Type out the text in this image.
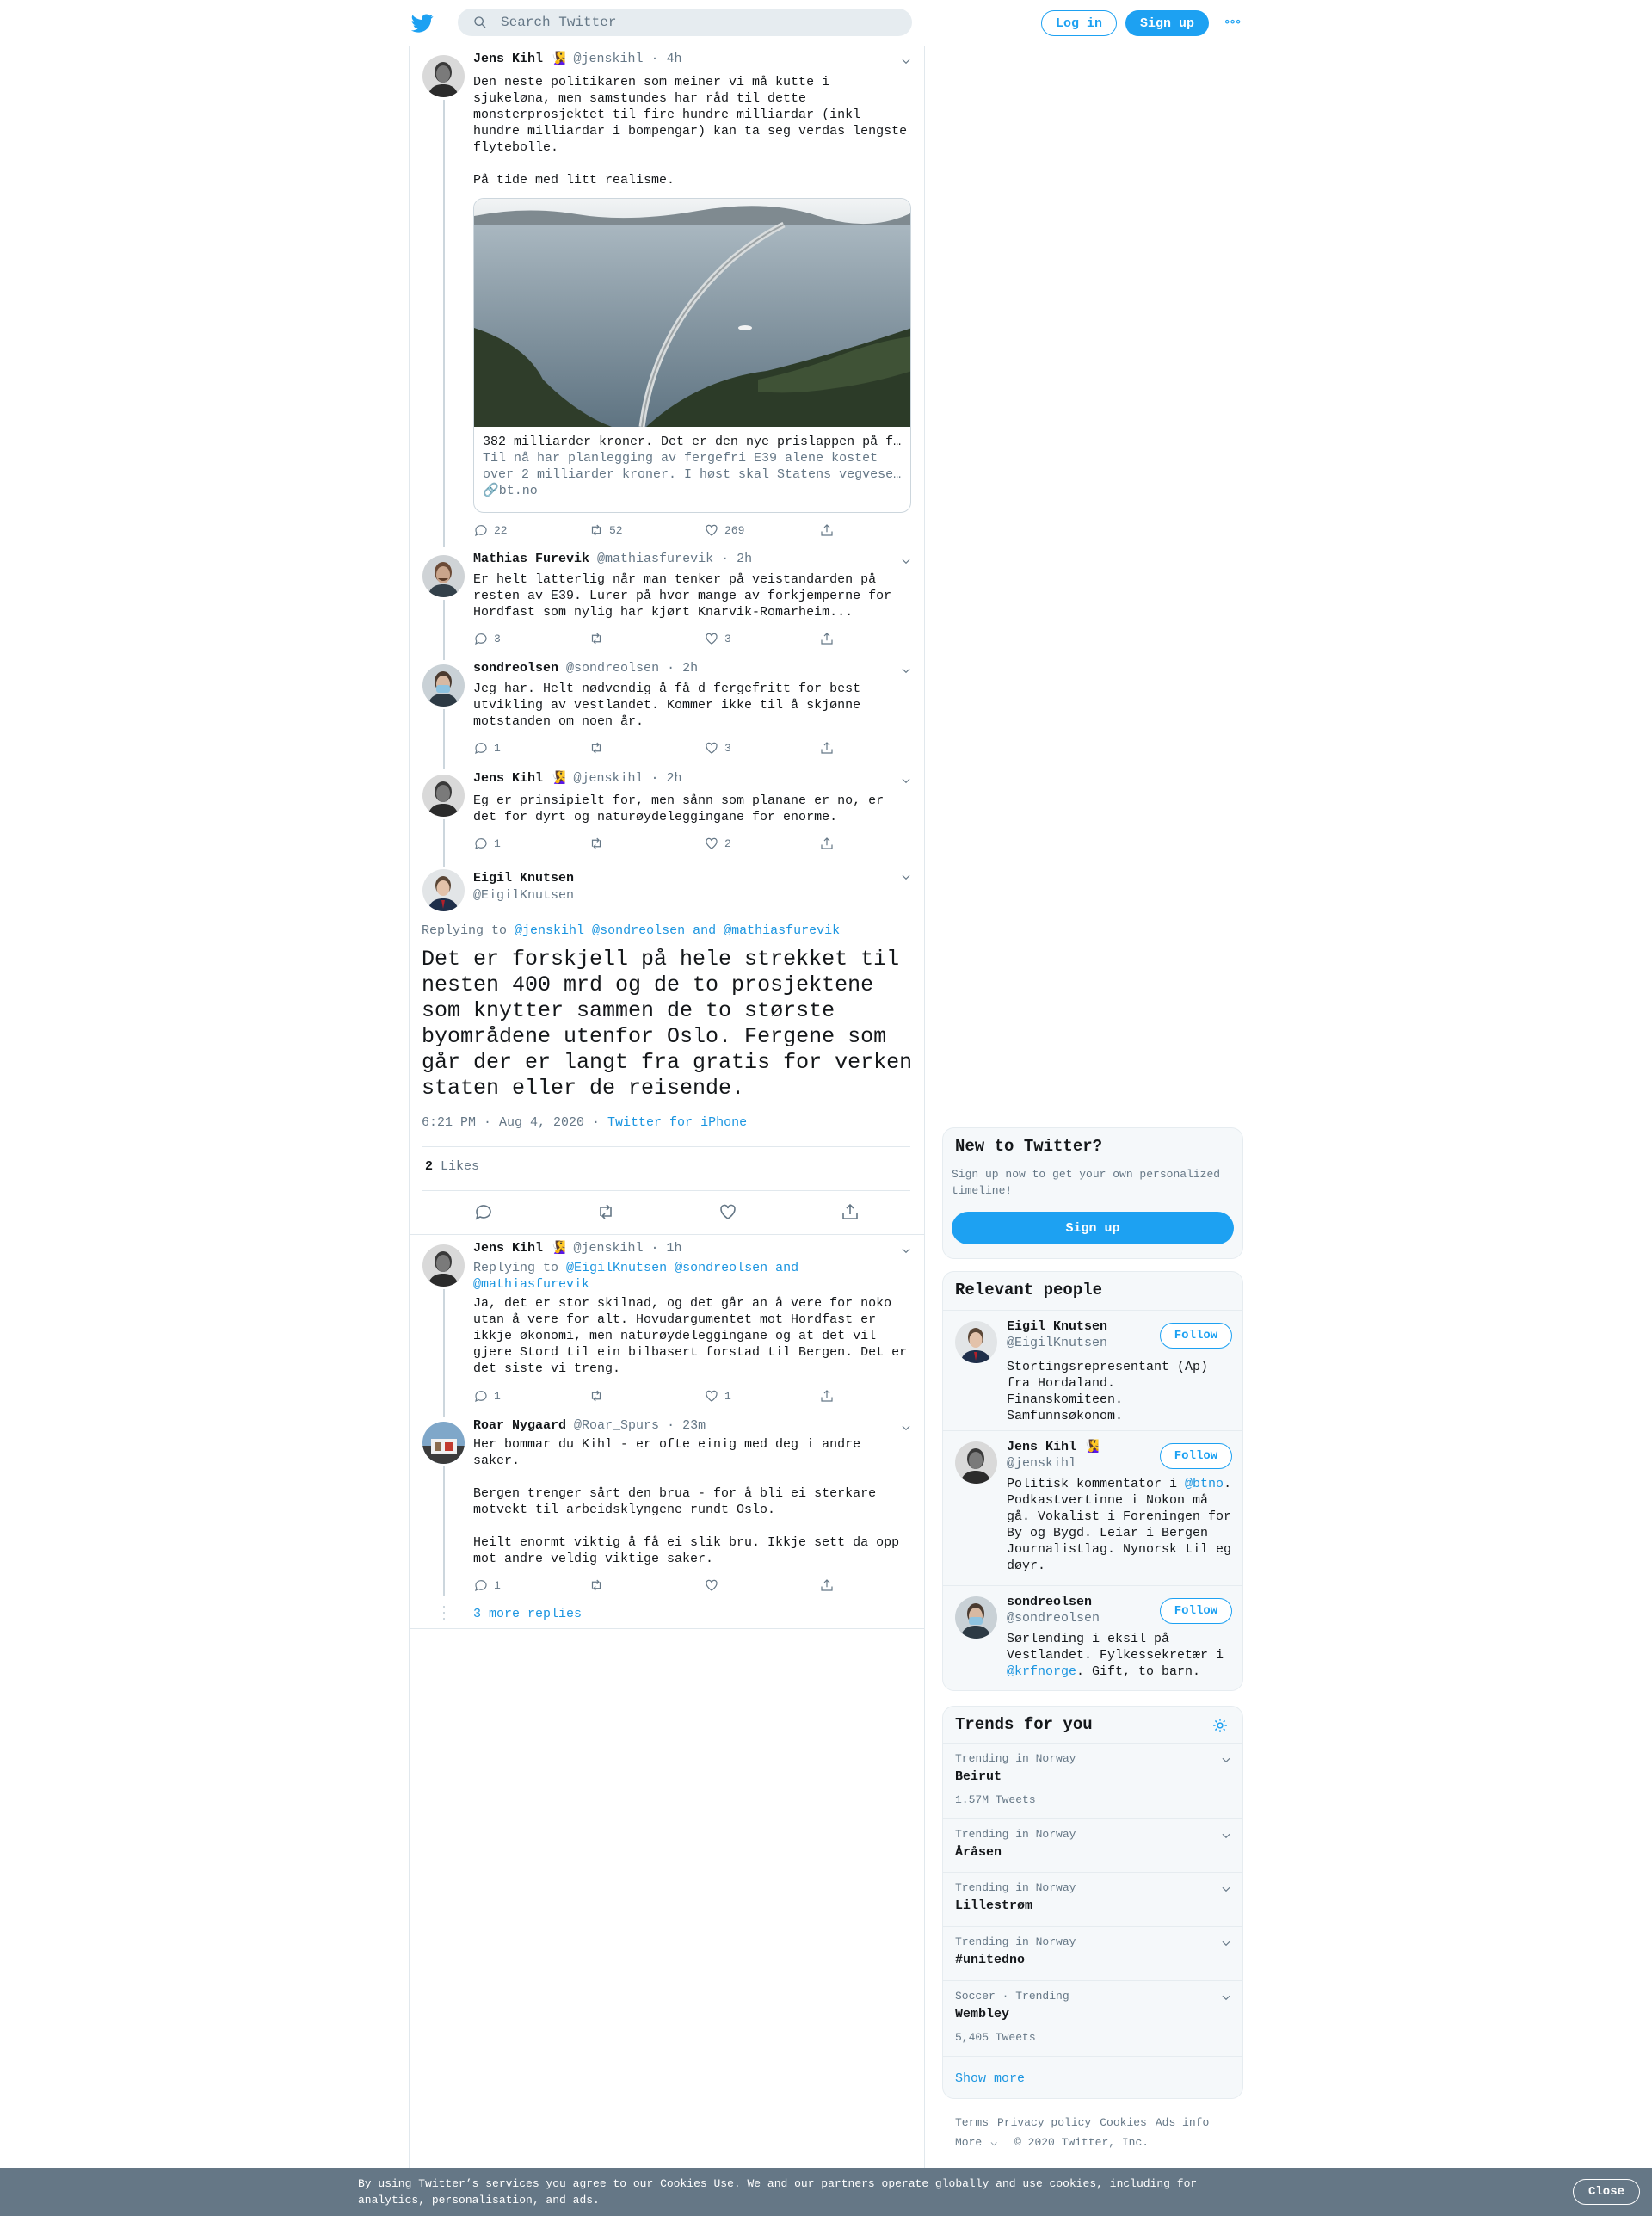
Search Twitter
Log in	Sign up	∘∘∘
Jens Kihl 🧏‍♀️ @jenskihl · 4h
Den neste politikaren som meiner vi må kutte i
sjukeløna, men samstundes har råd til dette
monsterprosjektet til fire hundre milliardar (inkl
hundre milliardar i bompengar) kan ta seg verdas lengste
flytebolle.

På tide med litt realisme.
382 milliarder kroner. Det er den nye prislappen på f…
Til nå har planlegging av fergefri E39 alene kostet over 2 milliarder kroner. I høst skal Statens vegvese…
🔗bt.no
22	52	269
Mathias Furevik @mathiasfurevik · 2h
Er helt latterlig når man tenker på veistandarden på
resten av E39. Lurer på hvor mange av forkjemperne for
Hordfast som nylig har kjørt Knarvik-Romarheim...
3	3
sondreolsen @sondreolsen · 2h
Jeg har. Helt nødvendig å få d fergefritt for best
utvikling av vestlandet. Kommer ikke til å skjønne
motstanden om noen år.
1	3
Jens Kihl 🧏‍♀️ @jenskihl · 2h
Eg er prinsipielt for, men sånn som planane er no, er
det for dyrt og naturøydeleggingane for enorme.
1	2
Eigil Knutsen
@EigilKnutsen
Replying to @jenskihl @sondreolsen and @mathiasfurevik
Det er forskjell på hele strekket til nesten 400 mrd og de to prosjektene som knytter sammen de to største byområdene utenfor Oslo. Fergene som går der er langt fra gratis for verken staten eller de reisende.
6:21 PM · Aug 4, 2020 · Twitter for iPhone
2 Likes
Jens Kihl 🧏‍♀️ @jenskihl · 1h
Replying to @EigilKnutsen @sondreolsen and
@mathiasfurevik
Ja, det er stor skilnad, og det går an å vere for noko
utan å vere for alt. Hovudargumentet mot Hordfast er
ikkje økonomi, men naturøydeleggingane og at det vil
gjere Stord til ein bilbasert forstad til Bergen. Det er
det siste vi treng.
1	1
Roar Nygaard @Roar_Spurs · 23m
Her bommar du Kihl - er ofte einig med deg i andre
saker.

Bergen trenger sårt den brua - for å bli ei sterkare
motvekt til arbeidsklyngene rundt Oslo.

Heilt enormt viktig å få ei slik bru. Ikkje sett da opp
mot andre veldig viktige saker.
1
3 more replies
New to Twitter?
Sign up now to get your own personalized timeline!
Sign up
Relevant people
Eigil Knutsen
@EigilKnutsen	Follow
Stortingsrepresentant (Ap) fra Hordaland. Finanskomiteen. Samfunnsøkonom.
Jens Kihl 🧏‍♀️
@jenskihl	Follow
Politisk kommentator i @btno. Podkastvertinne i Nokon må gå. Vokalist i Foreningen for By og Bygd. Leiar i Bergen Journalistlag. Nynorsk til eg døyr.
sondreolsen
@sondreolsen	Follow
Sørlending i eksil på Vestlandet. Fylkessekretær i @krfnorge. Gift, to barn.
Trends for you
Trending in Norway
Beirut
1.57M Tweets
Trending in Norway
Åråsen
Trending in Norway
Lillestrøm
Trending in Norway
#unitedno
Soccer · Trending
Wembley
5,405 Tweets
Show more
Terms Privacy policy Cookies Ads info
More ⌵ © 2020 Twitter, Inc.
By using Twitter’s services you agree to our Cookies Use. We and our partners operate globally and use cookies, including for analytics, personalisation, and ads.
Close
